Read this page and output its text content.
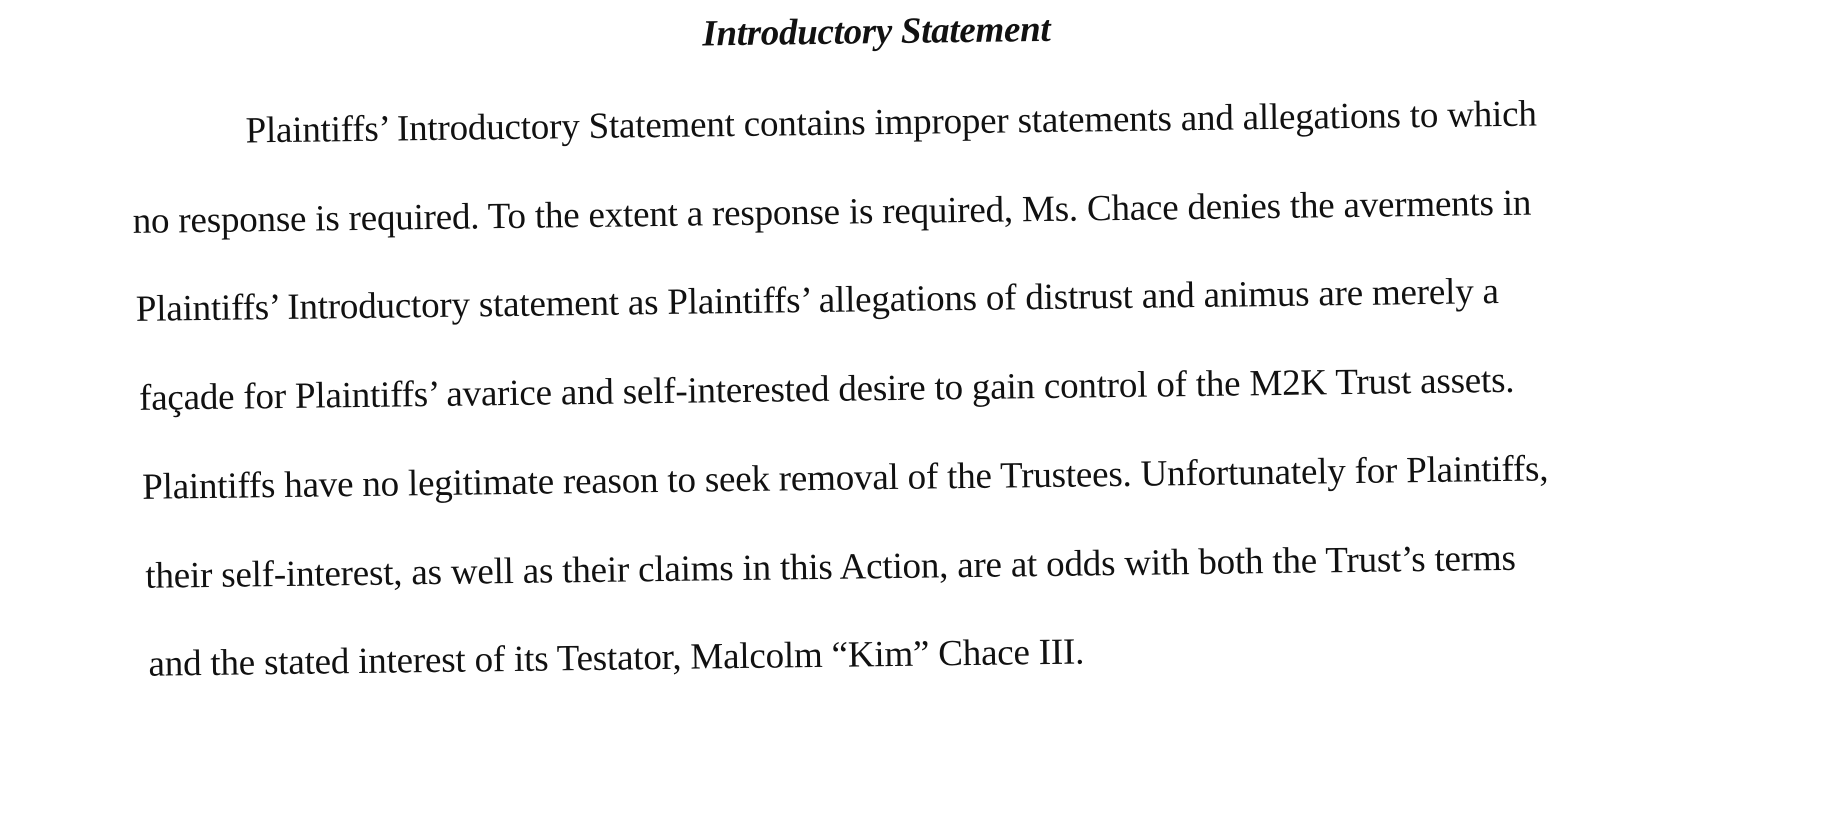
Introductory Statement
Plaintiffs’ Introductory Statement contains improper statements and allegations to which
no response is required. To the extent a response is required, Ms. Chace denies the averments in
Plaintiffs’ Introductory statement as Plaintiffs’ allegations of distrust and animus are merely a
façade for Plaintiffs’ avarice and self-interested desire to gain control of the M2K Trust assets.
Plaintiffs have no legitimate reason to seek removal of the Trustees. Unfortunately for Plaintiffs,
their self-interest, as well as their claims in this Action, are at odds with both the Trust’s terms
and the stated interest of its Testator, Malcolm “Kim” Chace III.
